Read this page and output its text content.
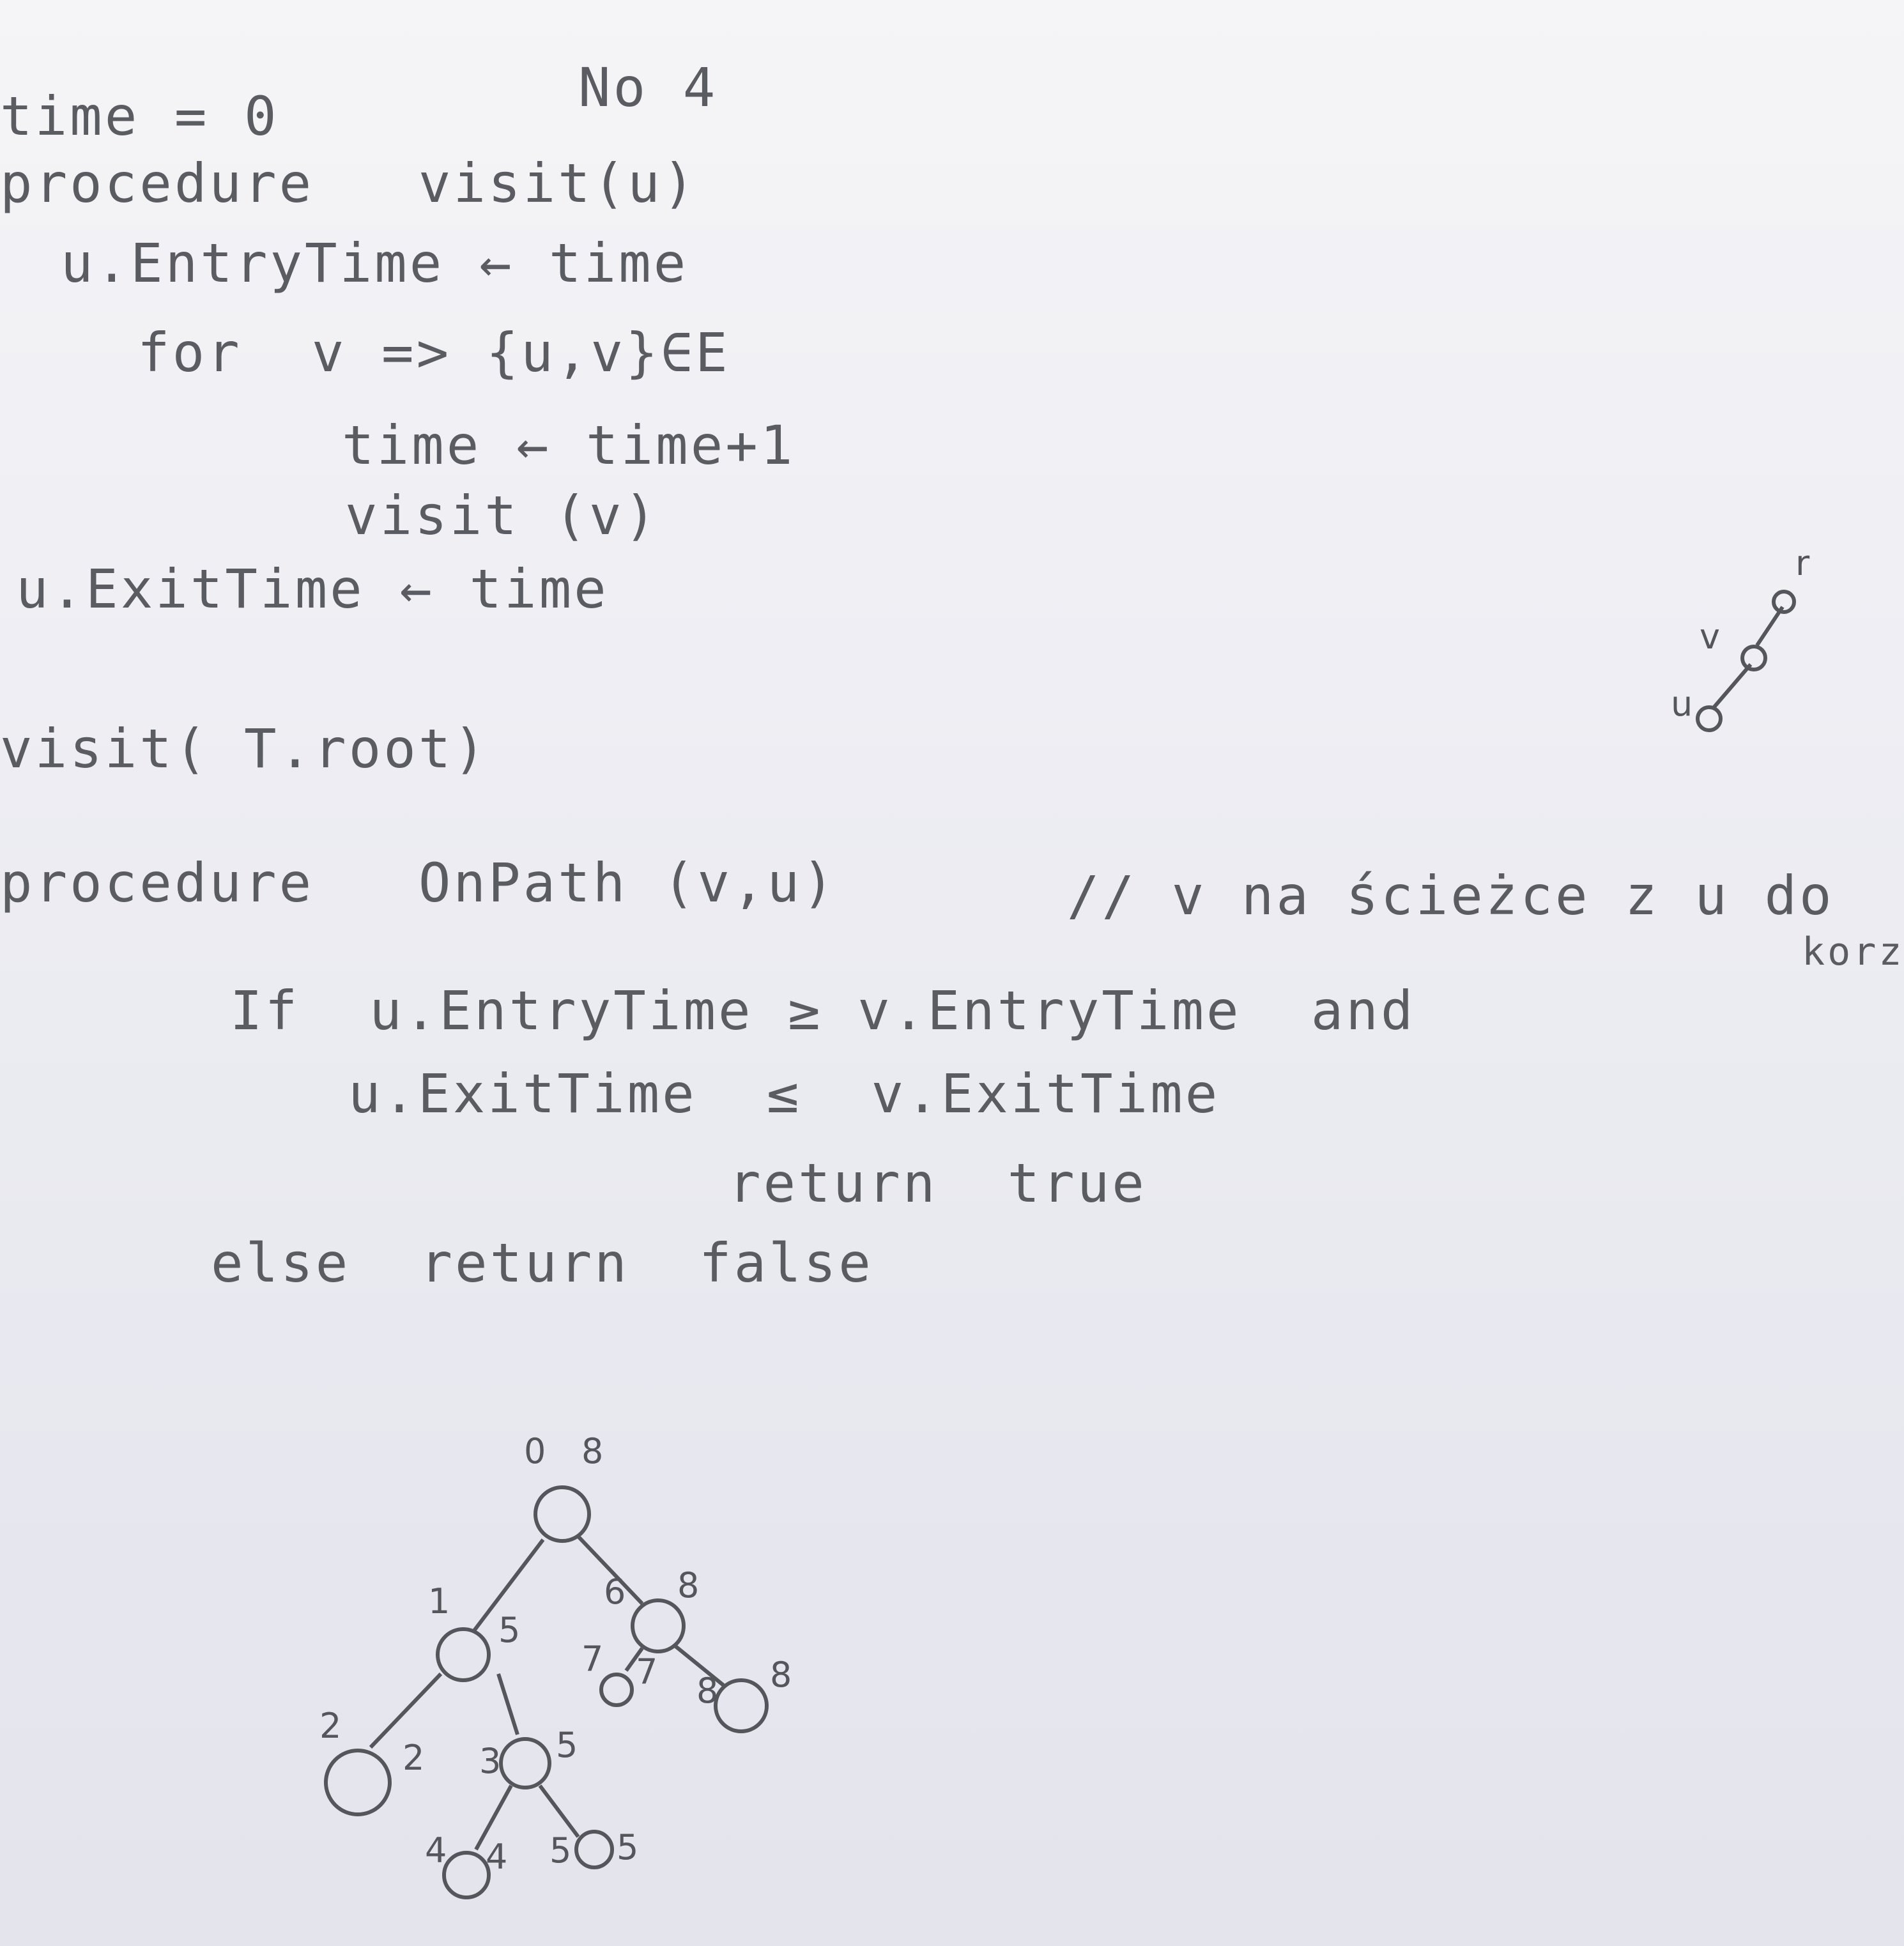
No 4
time = 0
procedure   visit(u)
u.EntryTime ← time
for  v => {u,v}∈E
time ← time+1
visit (v)
u.ExitTime ← time
visit( T.root)
procedure   OnPath (v,u)	// v na ścieżce z u do
korz
If  u.EntryTime ≥ v.EntryTime  and
u.ExitTime  ≤  v.ExitTime
return  true
else  return  false
u
v
r
0 8
1
5
6 8
2
2 3 5
7 7 8 8
4 4 5 5
